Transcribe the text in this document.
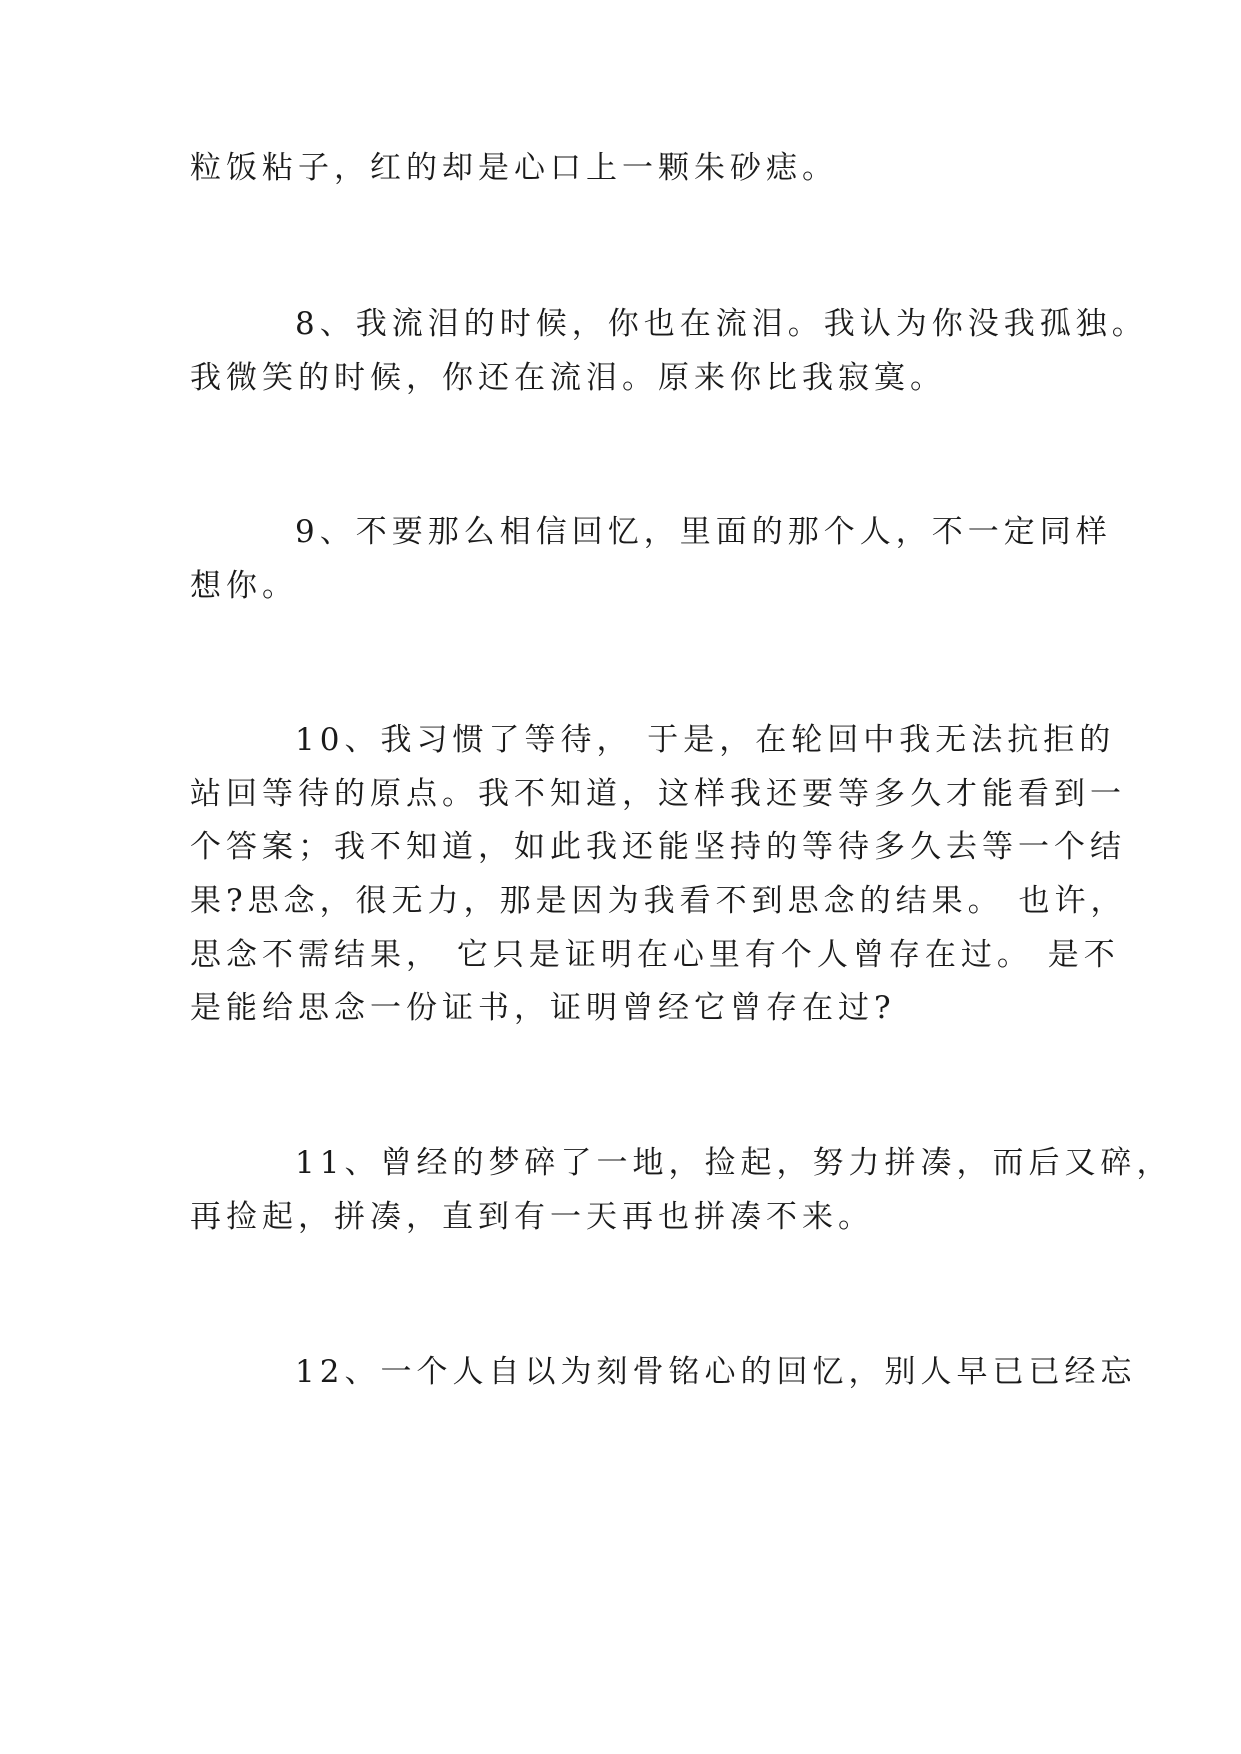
粒饭粘子，红的却是心口上一颗朱砂痣。
8、我流泪的时候，你也在流泪。我认为你没我孤独。
我微笑的时候，你还在流泪。原来你比我寂寞。
9、不要那么相信回忆，里面的那个人，不一定同样
想你。
10、我习惯了等待， 于是，在轮回中我无法抗拒的
站回等待的原点。我不知道，这样我还要等多久才能看到一
个答案；我不知道，如此我还能坚持的等待多久去等一个结
果?思念，很无力，那是因为我看不到思念的结果。 也许，
思念不需结果， 它只是证明在心里有个人曾存在过。 是不
是能给思念一份证书，证明曾经它曾存在过?
11、曾经的梦碎了一地，捡起，努力拼凑，而后又碎，
再捡起，拼凑，直到有一天再也拼凑不来。
12、一个人自以为刻骨铭心的回忆，别人早已已经忘
